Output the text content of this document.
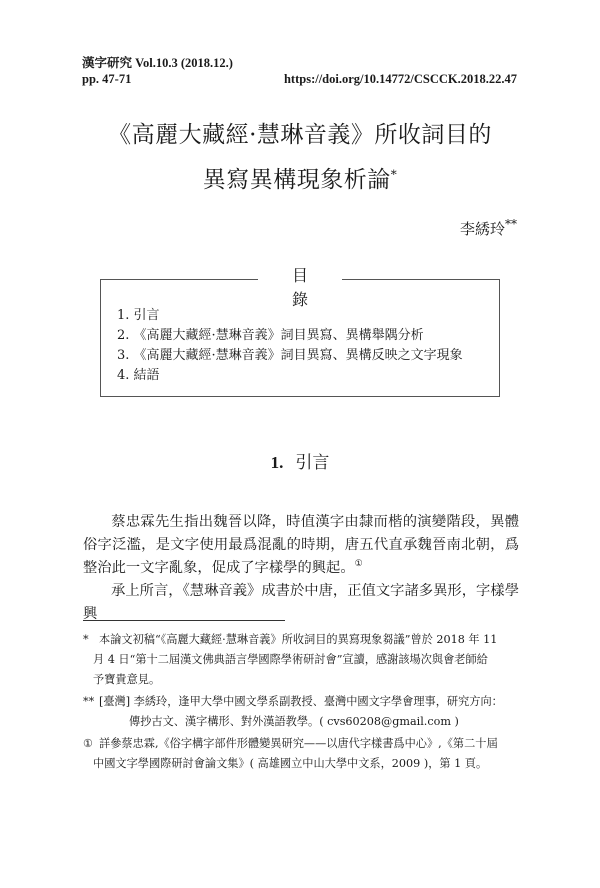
漢字研究 Vol.10.3 (2018.12.)
pp. 47-71	https://doi.org/10.14772/CSCCK.2018.22.47
《高麗大藏經·慧琳音義》所收詞目的
異寫異構現象析論*
李綉玲**
目 錄
1. 引言
2. 《高麗大藏經·慧琳音義》詞目異寫、異構舉隅分析
3. 《高麗大藏經·慧琳音義》詞目異寫、異構反映之文字現象
4. 結語
1. 引言
蔡忠霖先生指出魏晉以降，時值漢字由隸而楷的演變階段，異體俗字泛濫，是文字使用最爲混亂的時期，唐五代直承魏晉南北朝，爲整治此一文字亂象，促成了字樣學的興起。①
承上所言，《慧琳音義》成書於中唐，正值文字諸多異形，字樣學興
* 本論文初稿“《高麗大藏經·慧琳音義》所收詞目的異寫現象芻議”曾於 2018 年 11
月 4 日“第十二屆漢文佛典語言學國際學術研討會”宣讀，感謝該場次與會老師給
予寶貴意見。
** [臺灣] 李綉玲，逢甲大學中國文學系副教授、臺灣中國文字學會理事，研究方向：
傳抄古文、漢字構形、對外漢語教學。( cvs60208@gmail.com )
① 詳參蔡忠霖,《俗字構字部件形體變異研究——以唐代字樣書爲中心》,《第二十屆
中國文字學國際研討會論文集》( 高雄國立中山大學中文系，2009 )，第 1 頁。
